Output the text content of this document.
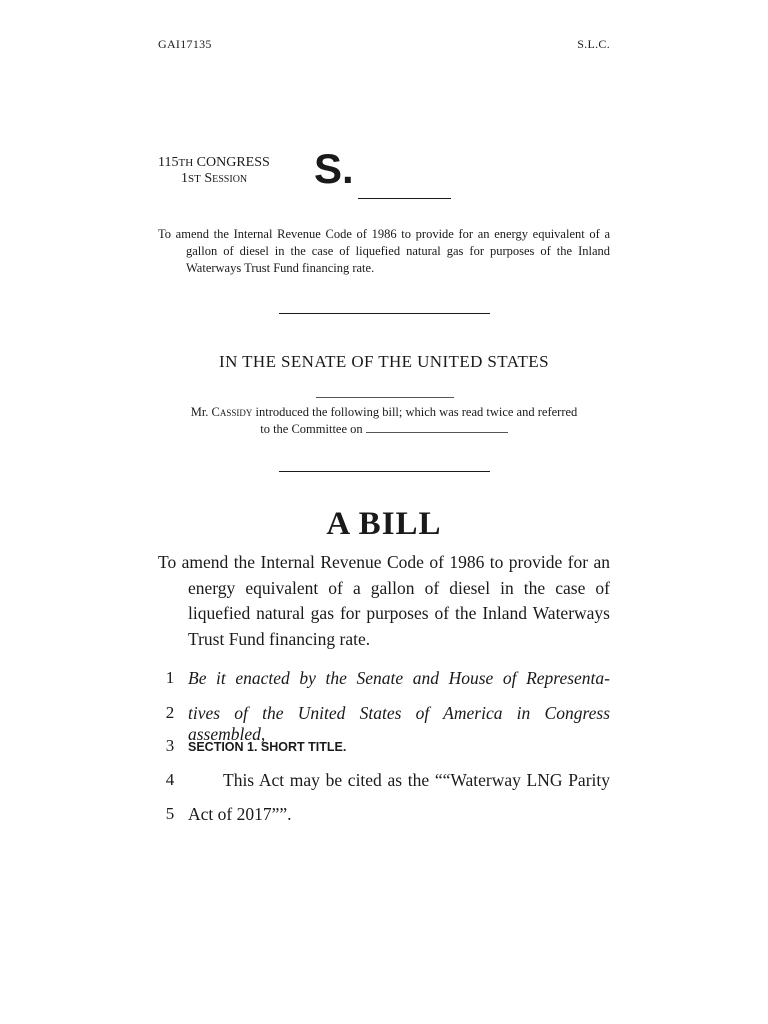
GAI17135	S.L.C.
115TH CONGRESS
1ST Session	S.
To amend the Internal Revenue Code of 1986 to provide for an energy equivalent of a gallon of diesel in the case of liquefied natural gas for purposes of the Inland Waterways Trust Fund financing rate.
IN THE SENATE OF THE UNITED STATES
Mr. Cassidy introduced the following bill; which was read twice and referred
to the Committee on
A BILL
To amend the Internal Revenue Code of 1986 to provide for an energy equivalent of a gallon of diesel in the case of liquefied natural gas for purposes of the Inland Waterways Trust Fund financing rate.
1 Be it enacted by the Senate and House of Representa-
2 tives of the United States of America in Congress assembled,
3	SECTION 1. SHORT TITLE.
4	This Act may be cited as the ““Waterway LNG Parity
5 Act of 2017””.
